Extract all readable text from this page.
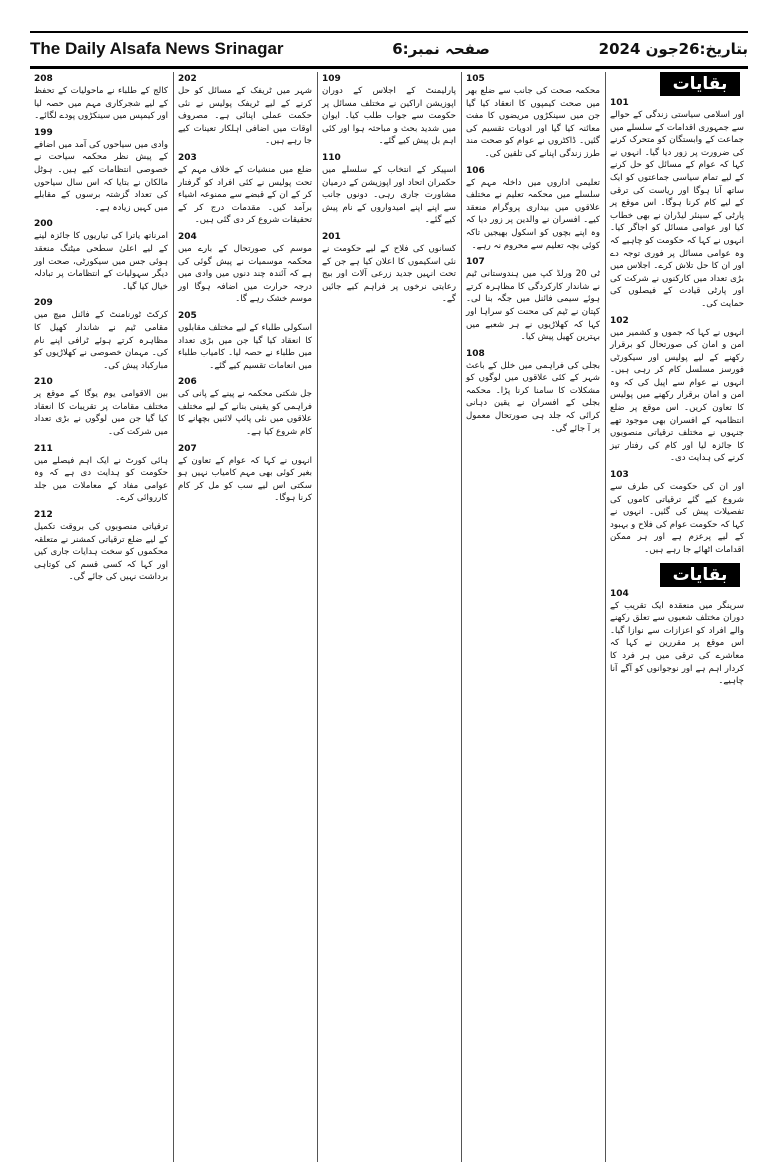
The Daily Alsafa News Srinagar	صفحہ نمبر:6	بتاریخ:26جون 2024
بقایات
101
اور اسلامی سیاستی زندگی کے حوالے سے جمہوری اقدامات کے سلسلے میں جماعت کے وابستگان کو متحرک کرنے کی ضرورت پر زور دیا گیا۔ انہوں نے کہا کہ عوام کے مسائل کو حل کرنے کے لیے تمام سیاسی جماعتوں کو ایک ساتھ آنا ہوگا اور ریاست کی ترقی کے لیے کام کرنا ہوگا۔ اس موقع پر پارٹی کے سینئر لیڈران نے بھی خطاب کیا اور عوامی مسائل کو اجاگر کیا۔ انہوں نے کہا کہ حکومت کو چاہیے کہ وہ عوامی مسائل پر فوری توجہ دے اور ان کا حل تلاش کرے۔ اجلاس میں بڑی تعداد میں کارکنوں نے شرکت کی اور پارٹی قیادت کے فیصلوں کی حمایت کی۔
102
انہوں نے کہا کہ جموں و کشمیر میں امن و امان کی صورتحال کو برقرار رکھنے کے لیے پولیس اور سیکورٹی فورسز مسلسل کام کر رہی ہیں۔ انہوں نے عوام سے اپیل کی کہ وہ امن و امان برقرار رکھنے میں پولیس کا تعاون کریں۔ اس موقع پر ضلع انتظامیہ کے افسران بھی موجود تھے جنہوں نے مختلف ترقیاتی منصوبوں کا جائزہ لیا اور کام کی رفتار تیز کرنے کی ہدایت دی۔
103
اور ان کی حکومت کی طرف سے شروع کیے گئے ترقیاتی کاموں کی تفصیلات پیش کی گئیں۔ انہوں نے کہا کہ حکومت عوام کی فلاح و بہبود کے لیے پرعزم ہے اور ہر ممکن اقدامات اٹھائے جا رہے ہیں۔
بقایات
104
سرینگر میں منعقدہ ایک تقریب کے دوران مختلف شعبوں سے تعلق رکھنے والے افراد کو اعزازات سے نوازا گیا۔ اس موقع پر مقررین نے کہا کہ معاشرے کی ترقی میں ہر فرد کا کردار اہم ہے اور نوجوانوں کو آگے آنا چاہیے۔
105
محکمہ صحت کی جانب سے ضلع بھر میں صحت کیمپوں کا انعقاد کیا گیا جن میں سینکڑوں مریضوں کا مفت معائنہ کیا گیا اور ادویات تقسیم کی گئیں۔ ڈاکٹروں نے عوام کو صحت مند طرز زندگی اپنانے کی تلقین کی۔
106
تعلیمی اداروں میں داخلہ مہم کے سلسلے میں محکمہ تعلیم نے مختلف علاقوں میں بیداری پروگرام منعقد کیے۔ افسران نے والدین پر زور دیا کہ وہ اپنے بچوں کو اسکول بھیجیں تاکہ کوئی بچہ تعلیم سے محروم نہ رہے۔
107
ٹی 20 ورلڈ کپ میں ہندوستانی ٹیم نے شاندار کارکردگی کا مظاہرہ کرتے ہوئے سیمی فائنل میں جگہ بنا لی۔ کپتان نے ٹیم کی محنت کو سراہا اور کہا کہ کھلاڑیوں نے ہر شعبے میں بہترین کھیل پیش کیا۔
108
بجلی کی فراہمی میں خلل کے باعث شہر کے کئی علاقوں میں لوگوں کو مشکلات کا سامنا کرنا پڑا۔ محکمہ بجلی کے افسران نے یقین دہانی کرائی کہ جلد ہی صورتحال معمول پر آ جائے گی۔
109
پارلیمنٹ کے اجلاس کے دوران اپوزیشن اراکین نے مختلف مسائل پر حکومت سے جواب طلب کیا۔ ایوان میں شدید بحث و مباحثہ ہوا اور کئی اہم بل پیش کیے گئے۔
110
اسپیکر کے انتخاب کے سلسلے میں حکمران اتحاد اور اپوزیشن کے درمیان مشاورت جاری رہی۔ دونوں جانب سے اپنے اپنے امیدواروں کے نام پیش کیے گئے۔
201
کسانوں کی فلاح کے لیے حکومت نے نئی اسکیموں کا اعلان کیا ہے جن کے تحت انہیں جدید زرعی آلات اور بیج رعایتی نرخوں پر فراہم کیے جائیں گے۔
202
شہر میں ٹریفک کے مسائل کو حل کرنے کے لیے ٹریفک پولیس نے نئی حکمت عملی اپنائی ہے۔ مصروف اوقات میں اضافی اہلکار تعینات کیے جا رہے ہیں۔
203
ضلع میں منشیات کے خلاف مہم کے تحت پولیس نے کئی افراد کو گرفتار کر کے ان کے قبضے سے ممنوعہ اشیاء برآمد کیں۔ مقدمات درج کر کے تحقیقات شروع کر دی گئی ہیں۔
204
موسم کی صورتحال کے بارے میں محکمہ موسمیات نے پیش گوئی کی ہے کہ آئندہ چند دنوں میں وادی میں درجہ حرارت میں اضافہ ہوگا اور موسم خشک رہے گا۔
205
اسکولی طلباء کے لیے مختلف مقابلوں کا انعقاد کیا گیا جن میں بڑی تعداد میں طلباء نے حصہ لیا۔ کامیاب طلباء میں انعامات تقسیم کیے گئے۔
206
جل شکتی محکمہ نے پینے کے پانی کی فراہمی کو یقینی بنانے کے لیے مختلف علاقوں میں نئی پائپ لائنیں بچھانے کا کام شروع کیا ہے۔
207
انہوں نے کہا کہ عوام کے تعاون کے بغیر کوئی بھی مہم کامیاب نہیں ہو سکتی اس لیے سب کو مل کر کام کرنا ہوگا۔
208
کالج کے طلباء نے ماحولیات کے تحفظ کے لیے شجرکاری مہم میں حصہ لیا اور کیمپس میں سینکڑوں پودے لگائے۔
199
وادی میں سیاحوں کی آمد میں اضافے کے پیش نظر محکمہ سیاحت نے خصوصی انتظامات کیے ہیں۔ ہوٹل مالکان نے بتایا کہ اس سال سیاحوں کی تعداد گزشتہ برسوں کے مقابلے میں کہیں زیادہ ہے۔
200
امرناتھ یاترا کی تیاریوں کا جائزہ لینے کے لیے اعلیٰ سطحی میٹنگ منعقد ہوئی جس میں سیکورٹی، صحت اور دیگر سہولیات کے انتظامات پر تبادلہ خیال کیا گیا۔
209
کرکٹ ٹورنامنٹ کے فائنل میچ میں مقامی ٹیم نے شاندار کھیل کا مظاہرہ کرتے ہوئے ٹرافی اپنے نام کی۔ مہمان خصوصی نے کھلاڑیوں کو مبارکباد پیش کی۔
210
بین الاقوامی یوم یوگا کے موقع پر مختلف مقامات پر تقریبات کا انعقاد کیا گیا جن میں لوگوں نے بڑی تعداد میں شرکت کی۔
211
ہائی کورٹ نے ایک اہم فیصلے میں حکومت کو ہدایت دی ہے کہ وہ عوامی مفاد کے معاملات میں جلد کارروائی کرے۔
212
ترقیاتی منصوبوں کی بروقت تکمیل کے لیے ضلع ترقیاتی کمشنر نے متعلقہ محکموں کو سخت ہدایات جاری کیں اور کہا کہ کسی قسم کی کوتاہی برداشت نہیں کی جائے گی۔
